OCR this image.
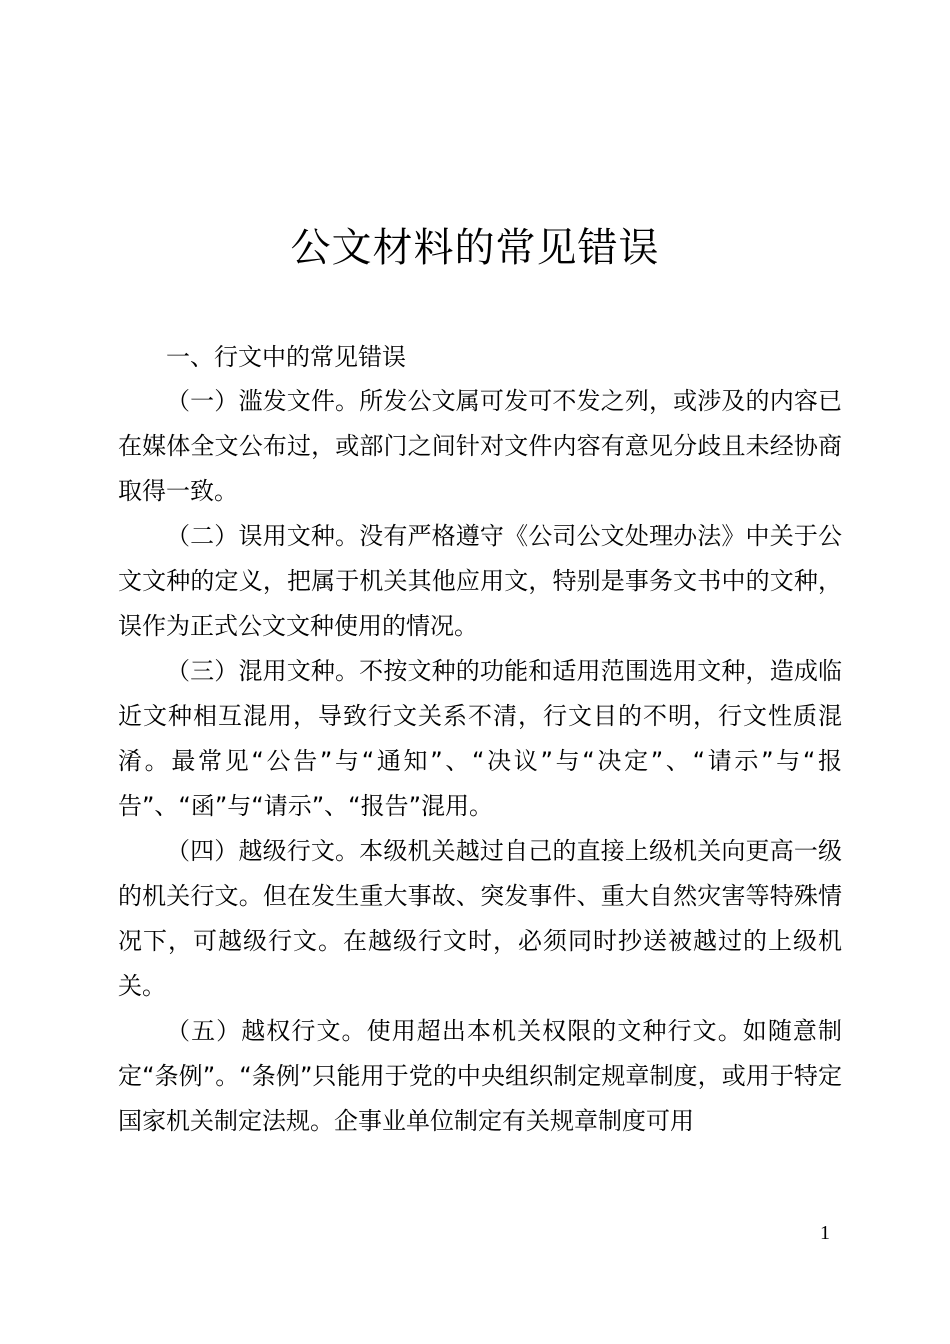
公文材料的常见错误

一、行文中的常见错误

（一）滥发文件。所发公文属可发可不发之列，或涉及的内容已在媒体全文公布过，或部门之间针对文件内容有意见分歧且未经协商取得一致。

（二）误用文种。没有严格遵守《公司公文处理办法》中关于公文文种的定义，把属于机关其他应用文，特别是事务文书中的文种，误作为正式公文文种使用的情况。

（三）混用文种。不按文种的功能和适用范围选用文种，造成临近文种相互混用，导致行文关系不清，行文目的不明，行文性质混淆。最常见“公告”与“通知”、“决议”与“决定”、“请示”与“报告”、“函”与“请示”、“报告”混用。

（四）越级行文。本级机关越过自己的直接上级机关向更高一级的机关行文。但在发生重大事故、突发事件、重大自然灾害等特殊情况下，可越级行文。在越级行文时，必须同时抄送被越过的上级机关。

（五）越权行文。使用超出本机关权限的文种行文。如随意制定“条例”。“条例”只能用于党的中央组织制定规章制度，或用于特定国家机关制定法规。企事业单位制定有关规章制度可用

1
